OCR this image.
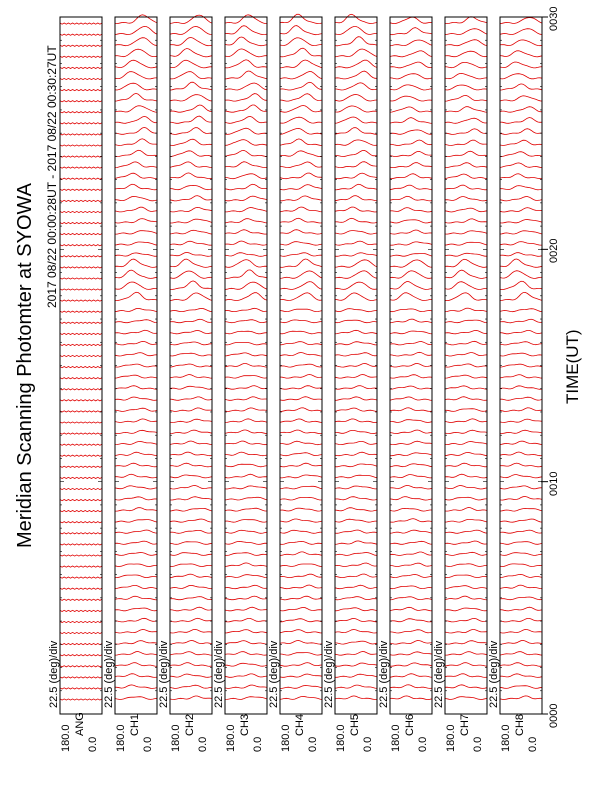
Meridian Scanning Photomter at SYOWA
2017 08/22 00:00:28UT - 2017 08/22 00:30:27UT
TIME(UT)
22.5 (deg)/div
180.0
ANG
0.0
22.5 (deg)/div
180.0 CH1
0.0
22.5 (deg)/div
180.0 CH2
0.0
22.5 (deg)/div
180.0 CH3
0.0
22.5 (deg)/div
180.0 CH4
0.0
22.5 (deg)/div
180.0 CH5
0.0
22.5 (deg)/div
180.0 CH6
0.0
22.5 (deg)/div
180.0 CH7
0.0
22.5 (deg)/div
180.0 CH8
0.0
0000
0010
0020
0030
